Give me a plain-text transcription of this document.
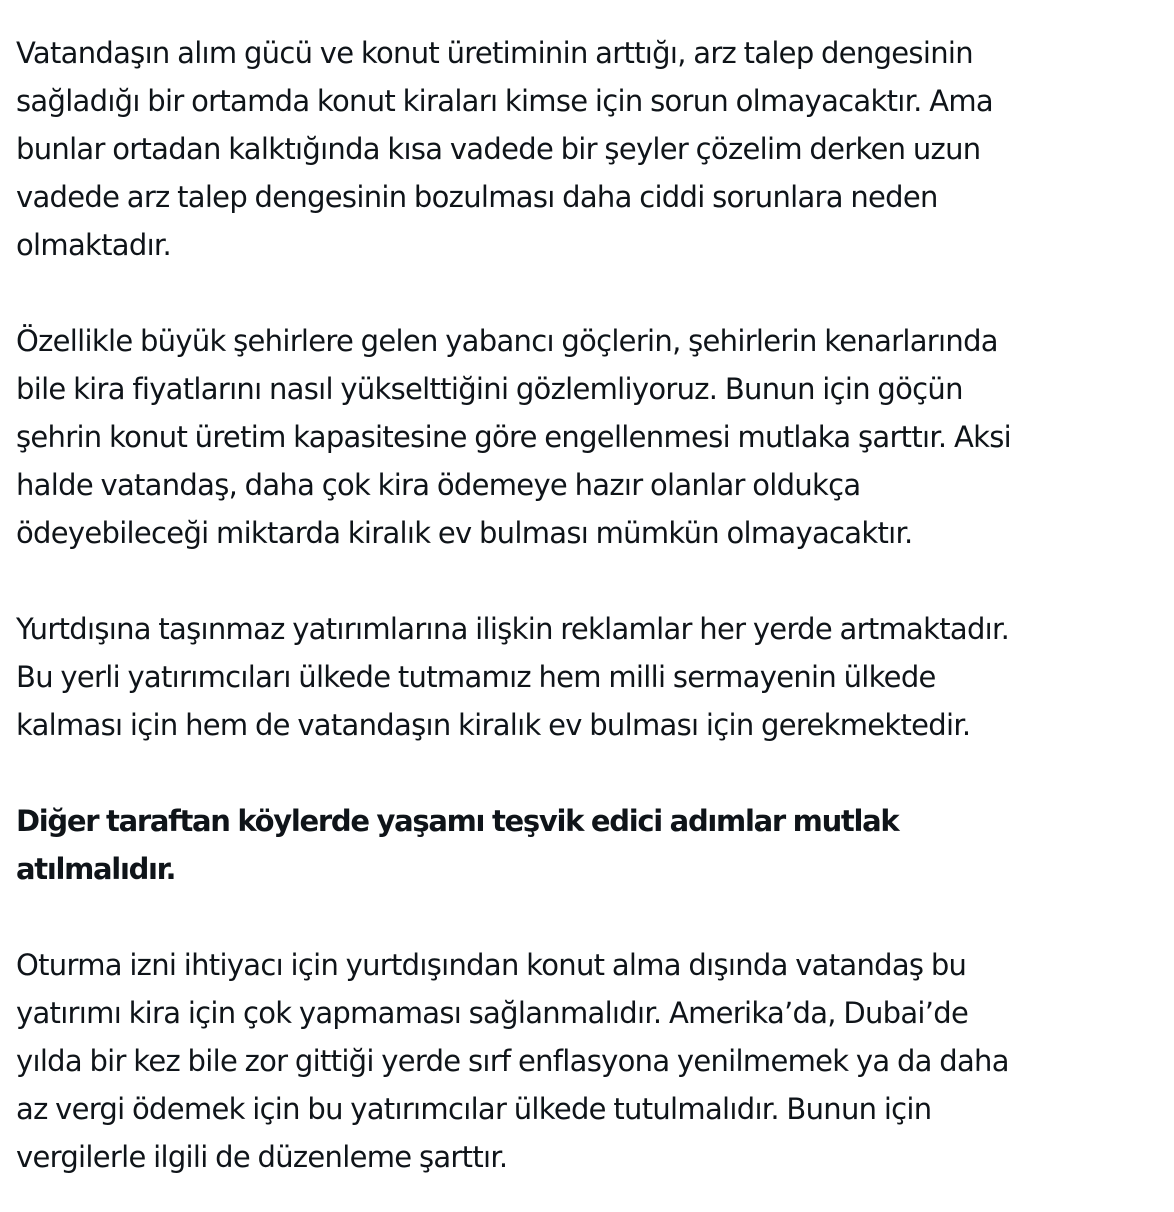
Vatandaşın alım gücü ve konut üretiminin arttığı, arz talep dengesinin
sağladığı bir ortamda konut kiraları kimse için sorun olmayacaktır. Ama
bunlar ortadan kalktığında kısa vadede bir şeyler çözelim derken uzun
vadede arz talep dengesinin bozulması daha ciddi sorunlara neden
olmaktadır.
Özellikle büyük şehirlere gelen yabancı göçlerin, şehirlerin kenarlarında
bile kira fiyatlarını nasıl yükselttiğini gözlemliyoruz. Bunun için göçün
şehrin konut üretim kapasitesine göre engellenmesi mutlaka şarttır. Aksi
halde vatandaş, daha çok kira ödemeye hazır olanlar oldukça
ödeyebileceği miktarda kiralık ev bulması mümkün olmayacaktır.
Yurtdışına taşınmaz yatırımlarına ilişkin reklamlar her yerde artmaktadır.
Bu yerli yatırımcıları ülkede tutmamız hem milli sermayenin ülkede
kalması için hem de vatandaşın kiralık ev bulması için gerekmektedir.
Diğer taraftan köylerde yaşamı teşvik edici adımlar mutlak
atılmalıdır.
Oturma izni ihtiyacı için yurtdışından konut alma dışında vatandaş bu
yatırımı kira için çok yapmaması sağlanmalıdır. Amerika’da, Dubai’de
yılda bir kez bile zor gittiği yerde sırf enflasyona yenilmemek ya da daha
az vergi ödemek için bu yatırımcılar ülkede tutulmalıdır. Bunun için
vergilerle ilgili de düzenleme şarttır.
